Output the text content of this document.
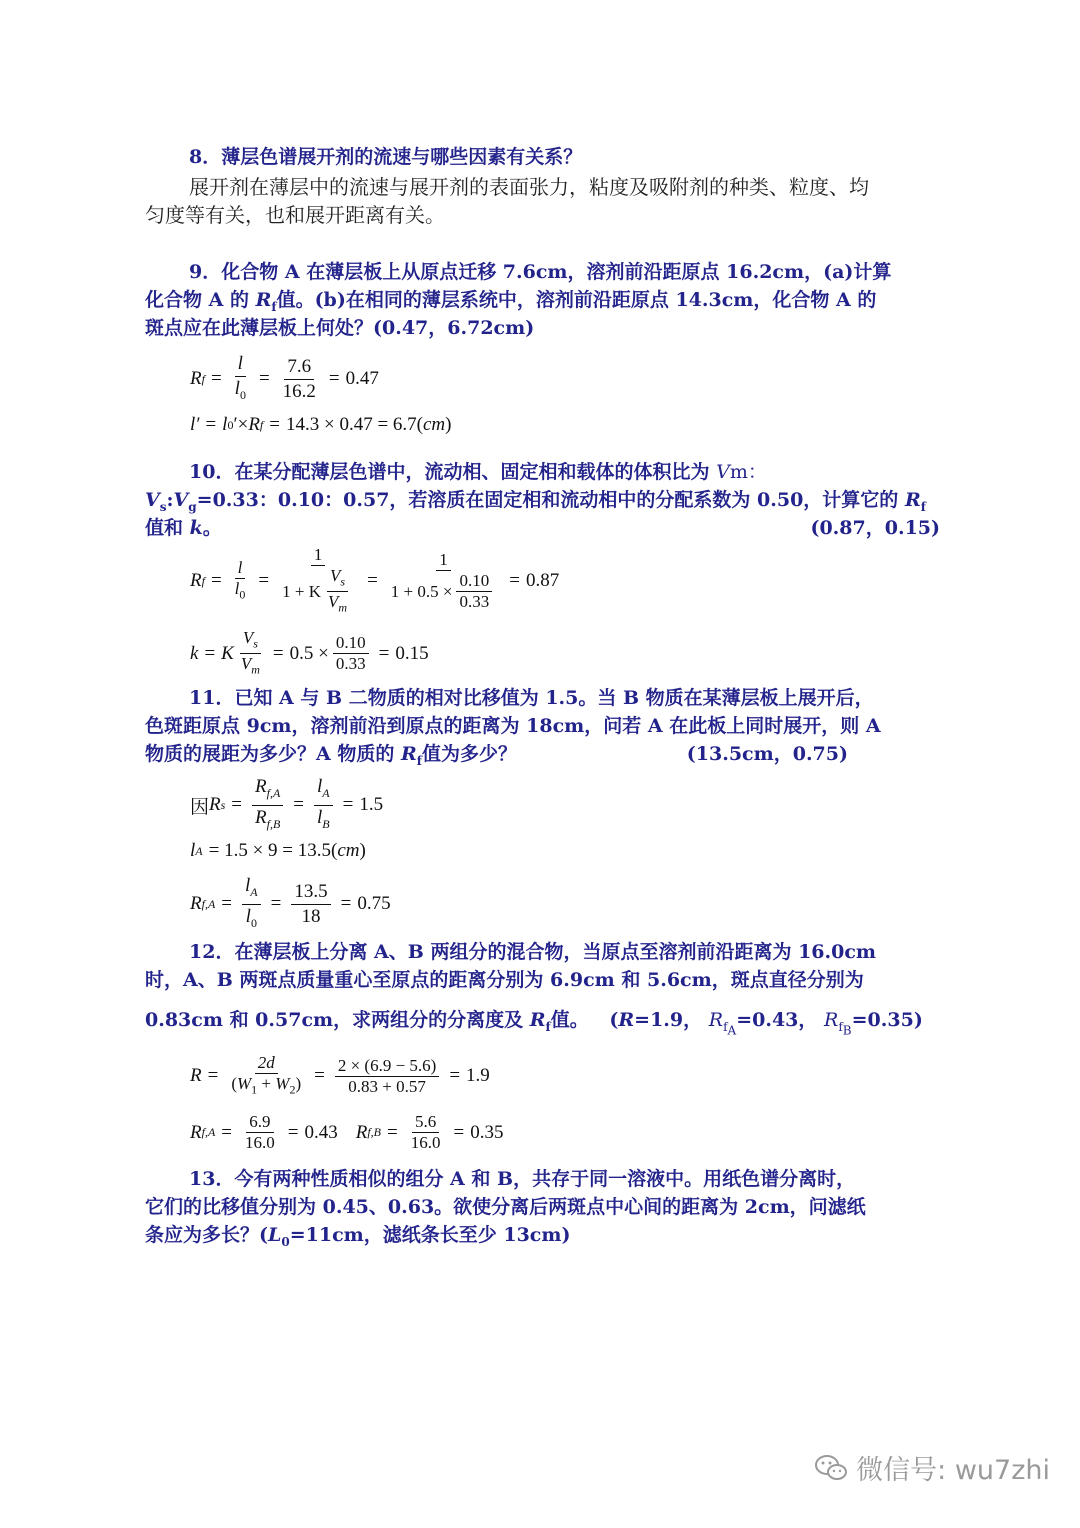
8．薄层色谱展开剂的流速与哪些因素有关系？
展开剂在薄层中的流速与展开剂的表面张力，粘度及吸附剂的种类、粒度、均
匀度等有关，也和展开距离有关。
9．化合物 A 在薄层板上从原点迁移 7.6cm，溶剂前沿距原点 16.2cm，(a)计算
化合物 A 的 $R_f$值。(b)在相同的薄层系统中，溶剂前沿距原点 14.3cm，化合物 A 的
斑点应在此薄层板上何处？(0.47，6.72cm)
R $f = \frac{l}{l_0} = \frac{7.6}{16.2} = 0.47$
l′ = l 0 ′× R f = 14.3 × 0.47 = 6.7( cm )
10．在某分配薄层色谱中，流动相、固定相和载体的体积比为 Vm：
$V_s:V_g=0.33$：0.10：0.57，若溶质在固定相和流动相中的分配系数为 0.50，计算它的 $R_f$
值和 k。	(0.87，0.15)
R $f = \frac{l}{l_0} = \frac{1}{1 + K \frac{V_s}{V_m}} = \frac{1}{1 + 0.5 \times \frac{0.10}{0.33}} = 0.87$
k = K $\frac{V_s}{V_m} = 0.5 \times \frac{0.10}{0.33} = 0.15$
11．已知 A 与 B 二物质的相对比移值为 1.5。当 B 物质在某薄层板上展开后，
色斑距原点 9cm，溶剂前沿到原点的距离为 18cm，问若 A 在此板上同时展开，则 A
物质的展距为多少？A 物质的 $R_f$值为多少？	(13.5cm，0.75)
因 R $s = \frac{R_{f,A}}{R_{f,B}} = \frac{l_A}{l_B} = 1.5$
l A = 1.5 × 9 = 13.5( cm )
R $f,A = \frac{l_A}{l_0} = \frac{13.5}{18} = 0.75$
12．在薄层板上分离 A、B 两组分的混合物，当原点至溶剂前沿距离为 16.0cm
时，A、B 两斑点质量重心至原点的距离分别为 6.9cm 和 5.6cm，斑点直径分别为
0.83cm 和 0.57cm，求两组分的分离度及 $R_f$值。 (R=1.9， $R_{f_A}=0.43$， $R_{f_B}=0.35$)
$R = \frac{2d}{(W_1 + W_2)} = \frac{2 \times (6.9 - 5.6)}{0.83 + 0.57} = 1.9$
R $f,A = \frac{6.9}{16.0} = 0.43$ R $f,B = \frac{5.6}{16.0} = 0.35$
13．今有两种性质相似的组分 A 和 B，共存于同一溶液中。用纸色谱分离时，
它们的比移值分别为 0.45、0.63。欲使分离后两斑点中心间的距离为 2cm，问滤纸
条应为多长？($L_0=11cm$，滤纸条长至少 13cm)
微信号: wu7zhi
